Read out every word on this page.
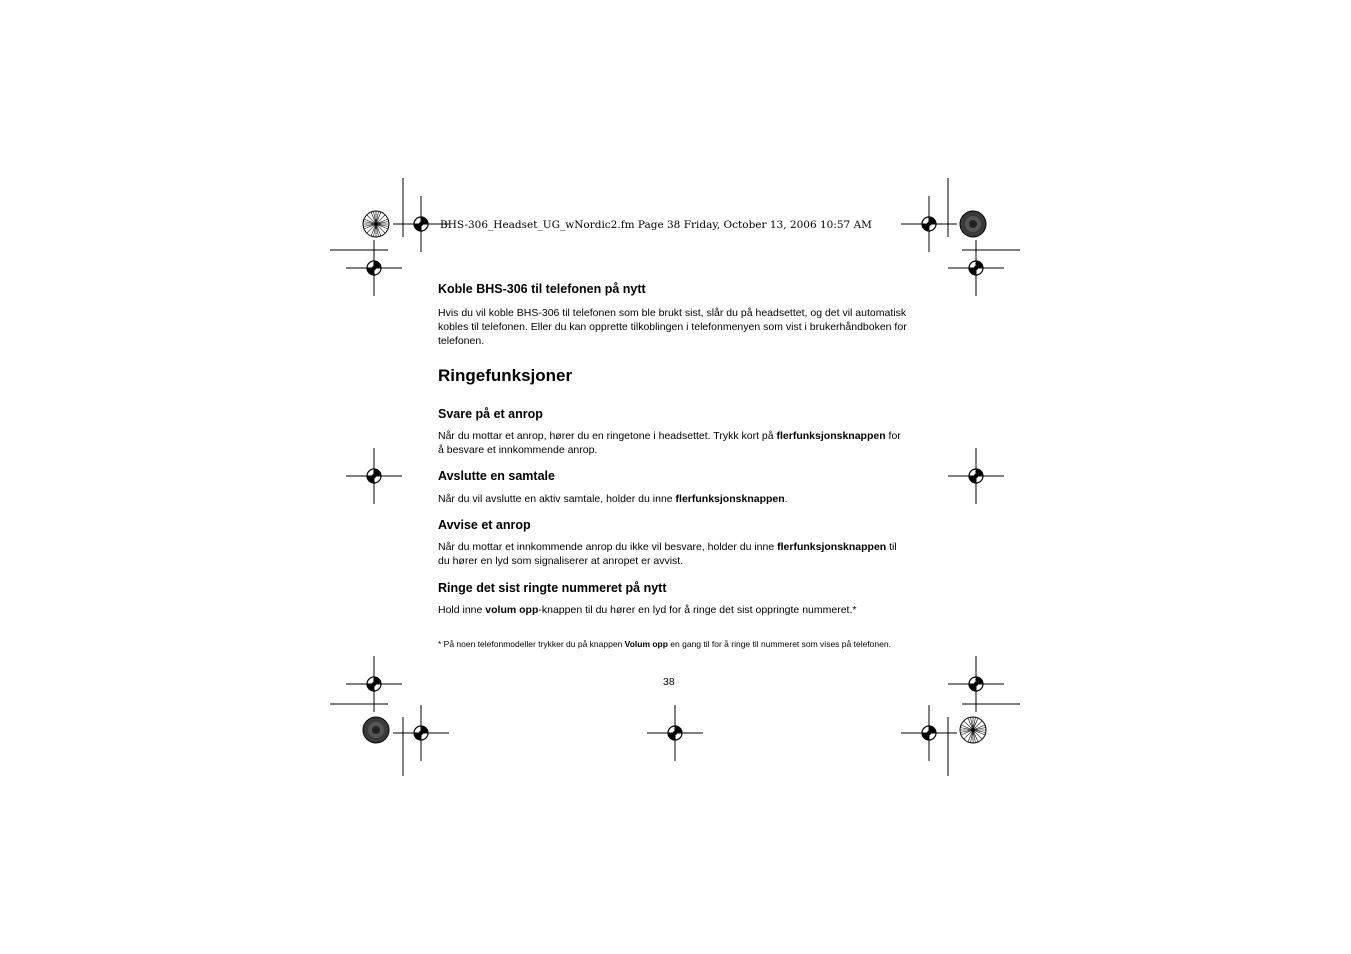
BHS-306_Headset_UG_wNordic2.fm Page 38 Friday, October 13, 2006 10:57 AM
Koble BHS-306 til telefonen på nytt
Hvis du vil koble BHS-306 til telefonen som ble brukt sist, slår du på headsettet, og det vil automatisk kobles til telefonen. Eller du kan opprette tilkoblingen i telefonmenyen som vist i brukerhåndboken for telefonen.
Ringefunksjoner
Svare på et anrop
Når du mottar et anrop, hører du en ringetone i headsettet. Trykk kort på flerfunksjonsknappen for å besvare et innkommende anrop.
Avslutte en samtale
Når du vil avslutte en aktiv samtale, holder du inne flerfunksjonsknappen.
Avvise et anrop
Når du mottar et innkommende anrop du ikke vil besvare, holder du inne flerfunksjonsknappen til du hører en lyd som signaliserer at anropet er avvist.
Ringe det sist ringte nummeret på nytt
Hold inne volum opp-knappen til du hører en lyd for å ringe det sist oppringte nummeret.*
* På noen telefonmodeller trykker du på knappen Volum opp en gang til for å ringe til nummeret som vises på telefonen.
38
